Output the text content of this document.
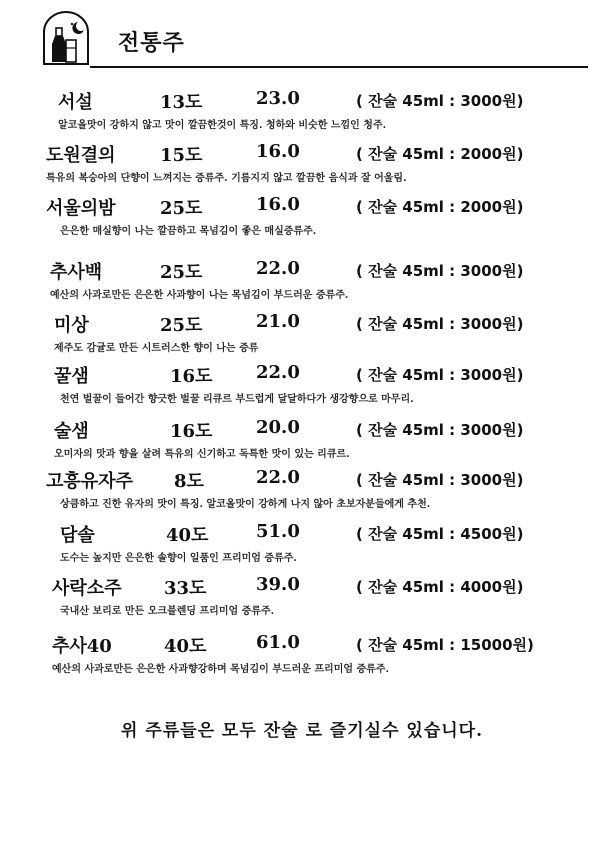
전통주
서설	13도	23.0	( 잔술 45ml : 3000원)
알코올맛이 강하지 않고 맛이 깔끔한것이 특징. 청하와 비슷한 느낌인 청주.
도원결의 15도	16.0	( 잔술 45ml : 2000원)
특유의 복숭아의 단향이 느껴지는 증류주. 기름지지 않고 깔끔한 음식과 잘 어울림.
서울의밤 25도	16.0	( 잔술 45ml : 2000원)
은은한 매실향이 나는 깔끔하고 목넘김이 좋은 매실증류주.
추사백	25도	22.0	( 잔술 45ml : 3000원)
예산의 사과로만든 은은한 사과향이 나는 목넘김이 부드러운 증류주.
미상	25도	21.0	( 잔술 45ml : 3000원)
제주도 감귤로 만든 시트러스한 향이 나는 증류
꿀샘	16도 22.0	( 잔술 45ml : 3000원)
천연 벌꿀이 들어간 향긋한 벌꿀 리큐르 부드럽게 달달하다가 생강향으로 마무리.
술샘	16도 20.0	( 잔술 45ml : 3000원)
오미자의 맛과 향을 살려 특유의 신기하고 독특한 맛이 있는 리큐르.
고흥유자주 8도	22.0	( 잔술 45ml : 3000원)
상큼하고 진한 유자의 맛이 특징. 알코올맛이 강하게 나지 않아 초보자분들에게 추천.
담솔	40도	51.0	( 잔술 45ml : 4500원)
도수는 높지만 은은한 솔향이 일품인 프리미엄 증류주.
사락소주 33도	39.0	( 잔술 45ml : 4000원)
국내산 보리로 만든 오크블렌딩 프리미엄 증류주.
추사40	40도	61.0	( 잔술 45ml : 15000원)
예산의 사과로만든 은은한 사과향강하며 목넘김이 부드러운 프리미엄 증류주.
위 주류들은 모두 잔술 로 즐기실수 있습니다.
